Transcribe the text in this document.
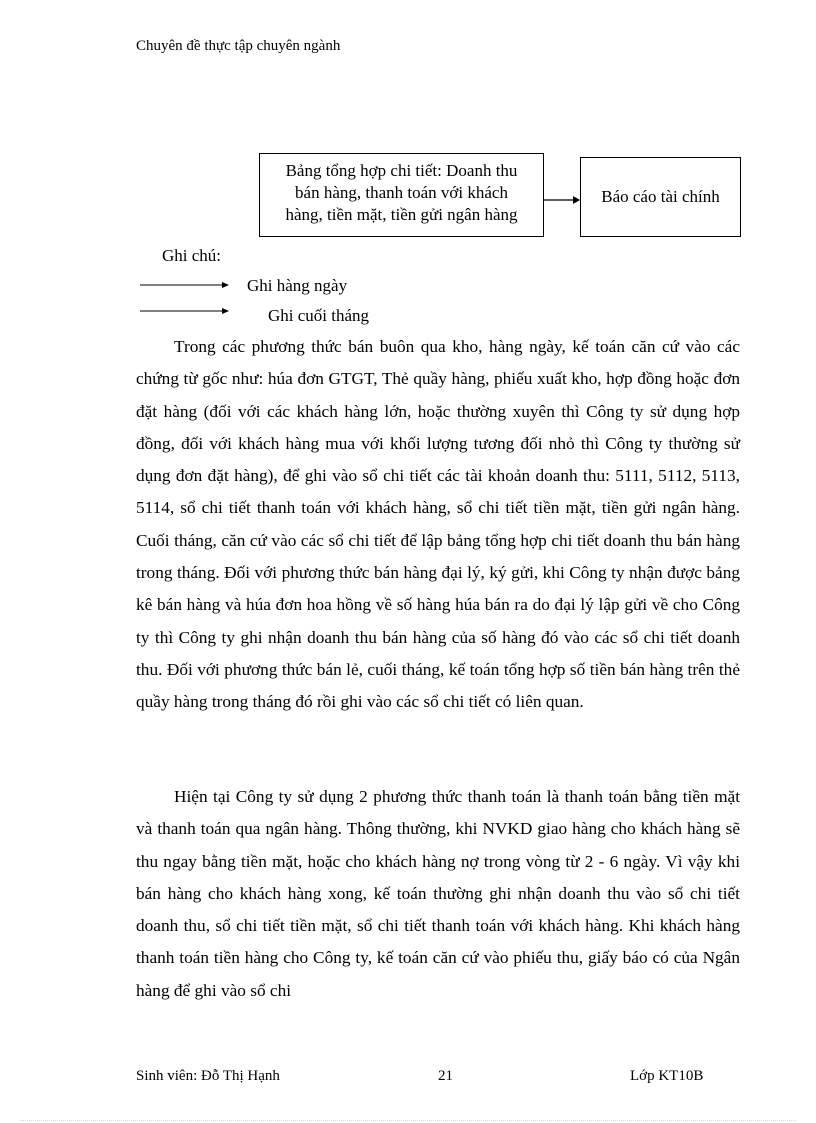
Chuyên đề thực tập chuyên ngành
Bảng tổng hợp chi tiết: Doanh thu
bán hàng, thanh toán với khách
hàng, tiền mặt, tiền gửi ngân hàng
Báo cáo tài chính
Ghi chú:
Ghi hàng ngày
Ghi cuối tháng

Trong các phương thức bán buôn qua kho, hàng ngày, kế toán căn cứ vào các chứng từ gốc như: húa đơn GTGT, Thẻ quầy hàng, phiếu xuất kho, hợp đồng hoặc đơn đặt hàng (đối với các khách hàng lớn, hoặc thường xuyên thì Công ty sử dụng hợp đồng, đối với khách hàng mua với khối lượng tương đối nhỏ thì Công ty thường sử dụng đơn đặt hàng), để ghi vào sổ chi tiết các tài khoản doanh thu: 5111, 5112, 5113, 5114, sổ chi tiết thanh toán với khách hàng, sổ chi tiết tiền mặt, tiền gửi ngân hàng. Cuối tháng, căn cứ vào các sổ chi tiết để lập bảng tổng hợp chi tiết doanh thu bán hàng trong tháng. Đối với phương thức bán hàng đại lý, ký gửi, khi Công ty nhận được bảng kê bán hàng và húa đơn hoa hồng về số hàng húa bán ra do đại lý lập gửi về cho Công ty thì Công ty ghi nhận doanh thu bán hàng của số hàng đó vào các sổ chi tiết doanh thu. Đối với phương thức bán lẻ, cuối tháng, kế toán tổng hợp số tiền bán hàng trên thẻ quầy hàng trong tháng đó rồi ghi vào các sổ chi tiết có liên quan.

Hiện tại Công ty sử dụng 2 phương thức thanh toán là thanh toán bằng tiền mặt và thanh toán qua ngân hàng. Thông thường, khi NVKD giao hàng cho khách hàng sẽ thu ngay bằng tiền mặt, hoặc cho khách hàng nợ trong vòng từ 2 - 6 ngày. Vì vậy khi bán hàng cho khách hàng xong, kế toán thường ghi nhận doanh thu vào sổ chi tiết doanh thu, sổ chi tiết tiền mặt, sổ chi tiết thanh toán với khách hàng. Khi khách hàng thanh toán tiền hàng cho Công ty, kế toán căn cứ vào phiếu thu, giấy báo có của Ngân hàng để ghi vào sổ chi

Sinh viên: Đỗ Thị Hạnh	21	Lớp KT10B
